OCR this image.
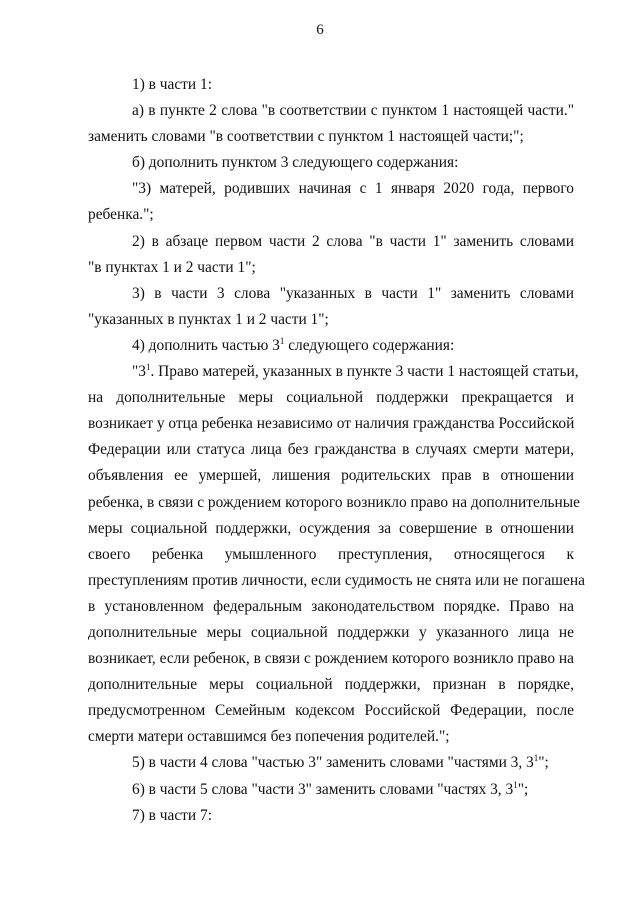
6

1) в части 1:

а) в пункте 2 слова "в соответствии с пунктом 1 настоящей части."

заменить словами "в соответствии с пунктом 1 настоящей части;";

б) дополнить пунктом 3 следующего содержания:

"3) матерей, родивших начиная с 1 января 2020 года, первого

ребенка.";

2) в абзаце первом части 2 слова "в части 1" заменить словами

"в пунктах 1 и 2 части 1";

3) в части 3 слова "указанных в части 1" заменить словами

"указанных в пунктах 1 и 2 части 1";

4) дополнить частью $3^1$ следующего содержания:

"$3^1$. Право матерей, указанных в пункте 3 части 1 настоящей статьи,

на дополнительные меры социальной поддержки прекращается и

возникает у отца ребенка независимо от наличия гражданства Российской

Федерации или статуса лица без гражданства в случаях смерти матери,

объявления ее умершей, лишения родительских прав в отношении

ребенка, в связи с рождением которого возникло право на дополнительные

меры социальной поддержки, осуждения за совершение в отношении

своего ребенка умышленного преступления, относящегося к

преступлениям против личности, если судимость не снята или не погашена

в установленном федеральным законодательством порядке. Право на

дополнительные меры социальной поддержки у указанного лица не

возникает, если ребенок, в связи с рождением которого возникло право на

дополнительные меры социальной поддержки, признан в порядке,

предусмотренном Семейным кодексом Российской Федерации, после

смерти матери оставшимся без попечения родителей.";

5) в части 4 слова "частью 3" заменить словами "частями 3, $3^1$";

6) в части 5 слова "части 3" заменить словами "частях 3, $3^1$";

7) в части 7:
